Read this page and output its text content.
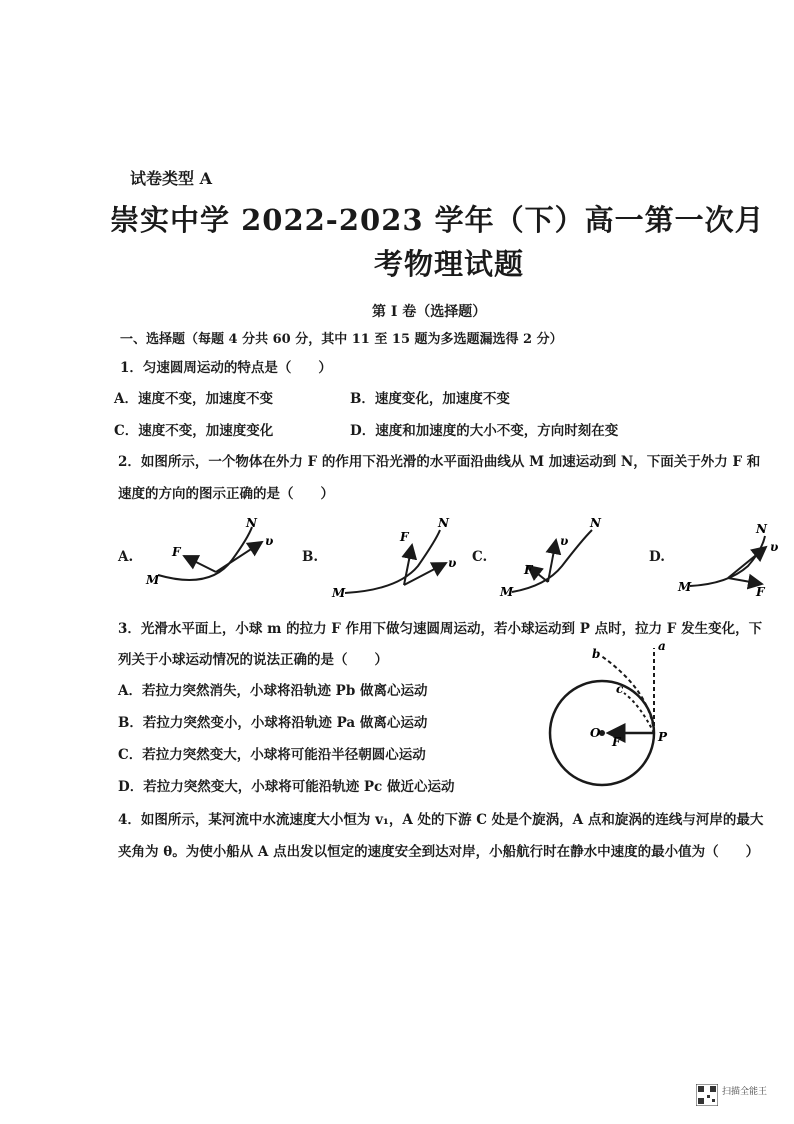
试卷类型 A
崇实中学 2022-2023 学年（下）高一第一次月
考物理试题
第 I 卷（选择题）
一、选择题（每题 4 分共 60 分，其中 11 至 15 题为多选题漏选得 2 分）
1．匀速圆周运动的特点是（　　）
A．速度不变，加速度不变	B．速度变化，加速度不变
C．速度不变，加速度变化	D．速度和加速度的大小不变，方向时刻在变
2．如图所示，一个物体在外力 F 的作用下沿光滑的水平面沿曲线从 M 加速运动到 N，下面关于外力 F 和
速度的方向的图示正确的是（　　）
A.	B.	C.	D.
M
N
F
υ
M
N
F
υ
M
N
F
υ
M
N
F
υ
O
F	P
a
b
c
3．光滑水平面上，小球 m 的拉力 F 作用下做匀速圆周运动，若小球运动到 P 点时，拉力 F 发生变化，下
列关于小球运动情况的说法正确的是（　　）
A．若拉力突然消失，小球将沿轨迹 Pb 做离心运动
B．若拉力突然变小，小球将沿轨迹 Pa 做离心运动
C．若拉力突然变大，小球将可能沿半径朝圆心运动
D．若拉力突然变大，小球将可能沿轨迹 Pc 做近心运动
4．如图所示，某河流中水流速度大小恒为 v₁，A 处的下游 C 处是个旋涡，A 点和旋涡的连线与河岸的最大
夹角为 θ。为使小船从 A 点出发以恒定的速度安全到达对岸，小船航行时在静水中速度的最小值为（　　）
扫描全能王
